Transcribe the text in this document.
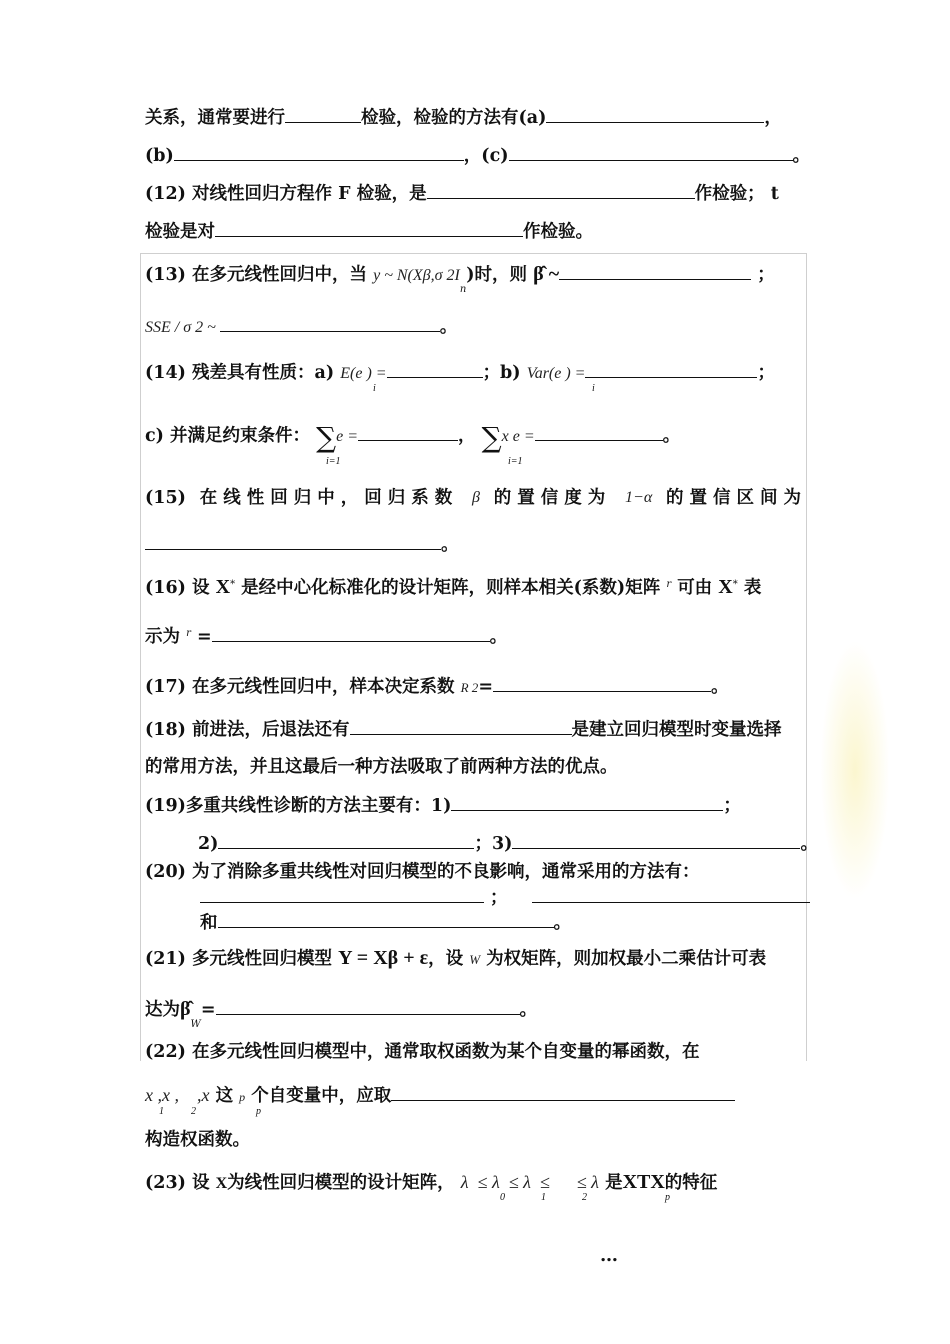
关系，通常要进行	检验，检验的方法有(a)	，
(b)	，(c)	。
(12) 对线性回归方程作 F 检验，是	作检验； t
检验是对	作检验。
(13) 在多元线性回归中，当 y ~ N(Xβ,σ $2I_n$)时，则 β̂ ~	；
SSE / σ 2 ~	。
(14) 残差具有性质：a) E(e ) =	；b) Var(e ) =	；
i	i
c) 并满足约束条件： ∑e =	， ∑x e =	。
i=1	i=1
(15) 在线性回归中，回归系数 β 的置信度为 1−α 的置信区间为
。
(16) 设 X* 是经中心化标准化的设计矩阵，则样本相关(系数)矩阵 $^r$ 可由 X* 表
示为 $^r$ =	。
(17) 在多元线性回归中，样本决定系数 R 2=	。
(18) 前进法，后退法还有	是建立回归模型时变量选择
的常用方法，并且这最后一种方法吸取了前两种方法的优点。
(19)多重共线性诊断的方法主要有：1)	；
2)	；3)	。
(20) 为了消除多重共线性对回归模型的不良影响，通常采用的方法有：
；
和	。
(21) 多元线性回归模型 Y = Xβ + ε，设 W 为权矩阵，则加权最小二乘估计可表
达为$\betâ_W=$	。
(22) 在多元线性回归模型中，通常取权函数为某个自变量的幂函数，在
x ,x ,    ,x 这 p 个自变量中，应取
1	2	p
构造权函数。
(23) 设 X为线性回归模型的设计矩阵， λ  ≤ λ  ≤ λ  ≤      ≤ λ 是XTX的特征
0	1	2	p
…
